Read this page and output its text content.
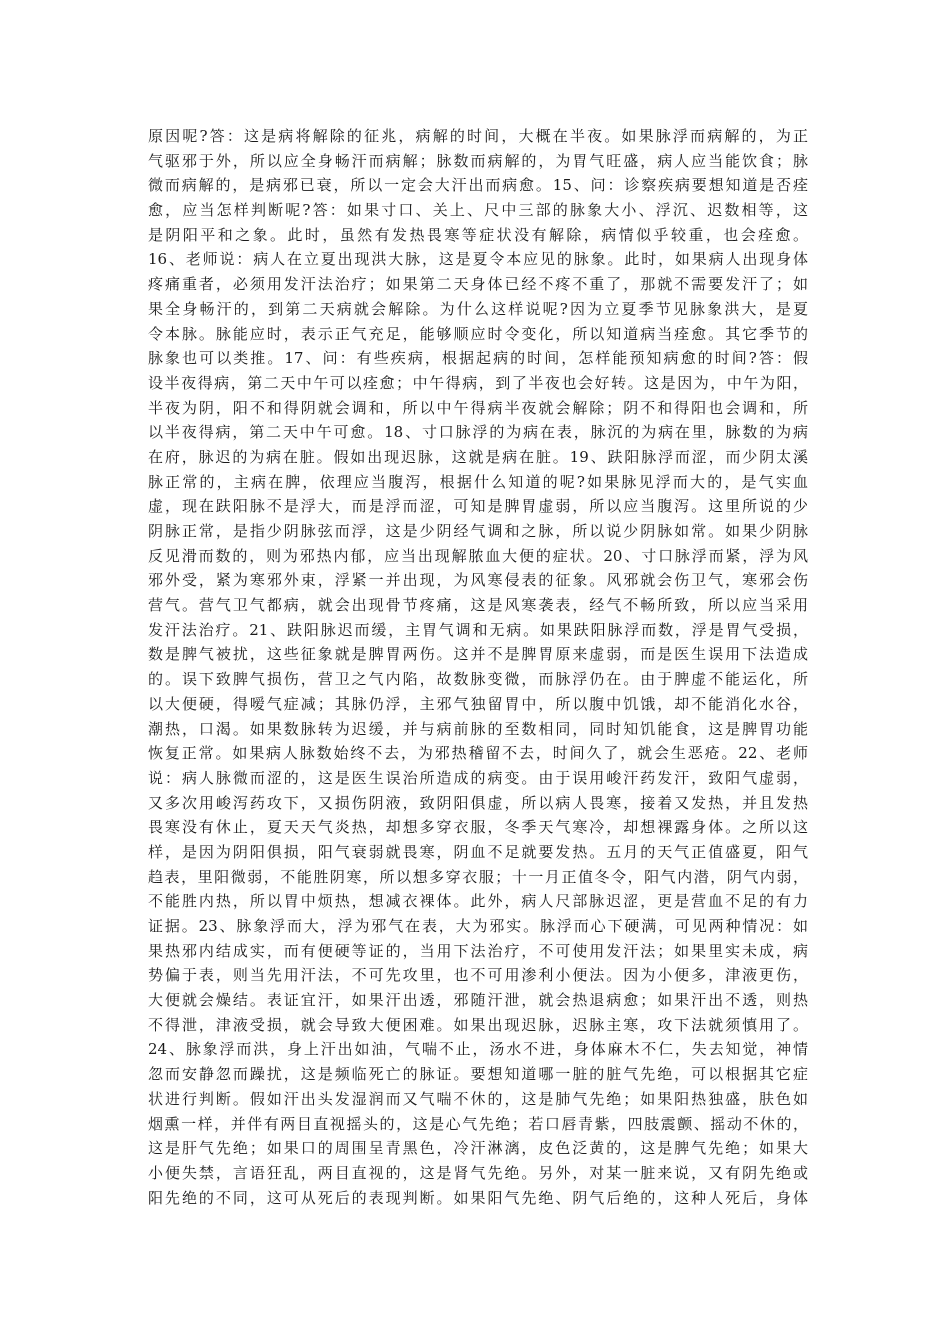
原因呢?答：这是病将解除的征兆，病解的时间，大概在半夜。如果脉浮而病解的，为正
气驱邪于外，所以应全身畅汗而病解；脉数而病解的，为胃气旺盛，病人应当能饮食；脉
微而病解的，是病邪已衰，所以一定会大汗出而病愈。15、问：诊察疾病要想知道是否痊
愈，应当怎样判断呢?答：如果寸口、关上、尺中三部的脉象大小、浮沉、迟数相等，这
是阴阳平和之象。此时，虽然有发热畏寒等症状没有解除，病情似乎较重，也会痊愈。
16、老师说：病人在立夏出现洪大脉，这是夏令本应见的脉象。此时，如果病人出现身体
疼痛重者，必须用发汗法治疗；如果第二天身体已经不疼不重了，那就不需要发汗了；如
果全身畅汗的，到第二天病就会解除。为什么这样说呢?因为立夏季节见脉象洪大，是夏
令本脉。脉能应时，表示正气充足，能够顺应时令变化，所以知道病当痊愈。其它季节的
脉象也可以类推。17、问：有些疾病，根据起病的时间，怎样能预知病愈的时间?答：假
设半夜得病，第二天中午可以痊愈；中午得病，到了半夜也会好转。这是因为，中午为阳，
半夜为阴，阳不和得阴就会调和，所以中午得病半夜就会解除；阴不和得阳也会调和，所
以半夜得病，第二天中午可愈。18、寸口脉浮的为病在表，脉沉的为病在里，脉数的为病
在府，脉迟的为病在脏。假如出现迟脉，这就是病在脏。19、趺阳脉浮而涩，而少阴太溪
脉正常的，主病在脾，依理应当腹泻，根据什么知道的呢?如果脉见浮而大的，是气实血
虚，现在趺阳脉不是浮大，而是浮而涩，可知是脾胃虚弱，所以应当腹泻。这里所说的少
阴脉正常，是指少阴脉弦而浮，这是少阴经气调和之脉，所以说少阴脉如常。如果少阴脉
反见滑而数的，则为邪热内郁，应当出现解脓血大便的症状。20、寸口脉浮而紧，浮为风
邪外受，紧为寒邪外束，浮紧一并出现，为风寒侵表的征象。风邪就会伤卫气，寒邪会伤
营气。营气卫气都病，就会出现骨节疼痛，这是风寒袭表，经气不畅所致，所以应当采用
发汗法治疗。21、趺阳脉迟而缓，主胃气调和无病。如果趺阳脉浮而数，浮是胃气受损，
数是脾气被扰，这些征象就是脾胃两伤。这并不是脾胃原来虚弱，而是医生误用下法造成
的。误下致脾气损伤，营卫之气内陷，故数脉变微，而脉浮仍在。由于脾虚不能运化，所
以大便硬，得嗳气症减；其脉仍浮，主邪气独留胃中，所以腹中饥饿，却不能消化水谷，
潮热，口渴。如果数脉转为迟缓，并与病前脉的至数相同，同时知饥能食，这是脾胃功能
恢复正常。如果病人脉数始终不去，为邪热稽留不去，时间久了，就会生恶疮。22、老师
说：病人脉微而涩的，这是医生误治所造成的病变。由于误用峻汗药发汗，致阳气虚弱，
又多次用峻泻药攻下，又损伤阴液，致阴阳俱虚，所以病人畏寒，接着又发热，并且发热
畏寒没有休止，夏天天气炎热，却想多穿衣服，冬季天气寒冷，却想裸露身体。之所以这
样，是因为阴阳俱损，阳气衰弱就畏寒，阴血不足就要发热。五月的天气正值盛夏，阳气
趋表，里阳微弱，不能胜阴寒，所以想多穿衣服；十一月正值冬令，阳气内潜，阴气内弱，
不能胜内热，所以胃中烦热，想减衣裸体。此外，病人尺部脉迟涩，更是营血不足的有力
证据。23、脉象浮而大，浮为邪气在表，大为邪实。脉浮而心下硬满，可见两种情况：如
果热邪内结成实，而有便硬等证的，当用下法治疗，不可使用发汗法；如果里实未成，病
势偏于表，则当先用汗法，不可先攻里，也不可用渗利小便法。因为小便多，津液更伤，
大便就会燥结。表证宜汗，如果汗出透，邪随汗泄，就会热退病愈；如果汗出不透，则热
不得泄，津液受损，就会导致大便困难。如果出现迟脉，迟脉主寒，攻下法就须慎用了。
24、脉象浮而洪，身上汗出如油，气喘不止，汤水不进，身体麻木不仁，失去知觉，神情
忽而安静忽而躁扰，这是频临死亡的脉证。要想知道哪一脏的脏气先绝，可以根据其它症
状进行判断。假如汗出头发湿润而又气喘不休的，这是肺气先绝；如果阳热独盛，肤色如
烟熏一样，并伴有两目直视摇头的，这是心气先绝；若口唇青紫，四肢震颤、摇动不休的，
这是肝气先绝；如果口的周围呈青黑色，冷汗淋漓，皮色泛黄的，这是脾气先绝；如果大
小便失禁，言语狂乱，两目直视的，这是肾气先绝。另外，对某一脏来说，又有阴先绝或
阳先绝的不同，这可从死后的表现判断。如果阳气先绝、阴气后绝的，这种人死后，身体
